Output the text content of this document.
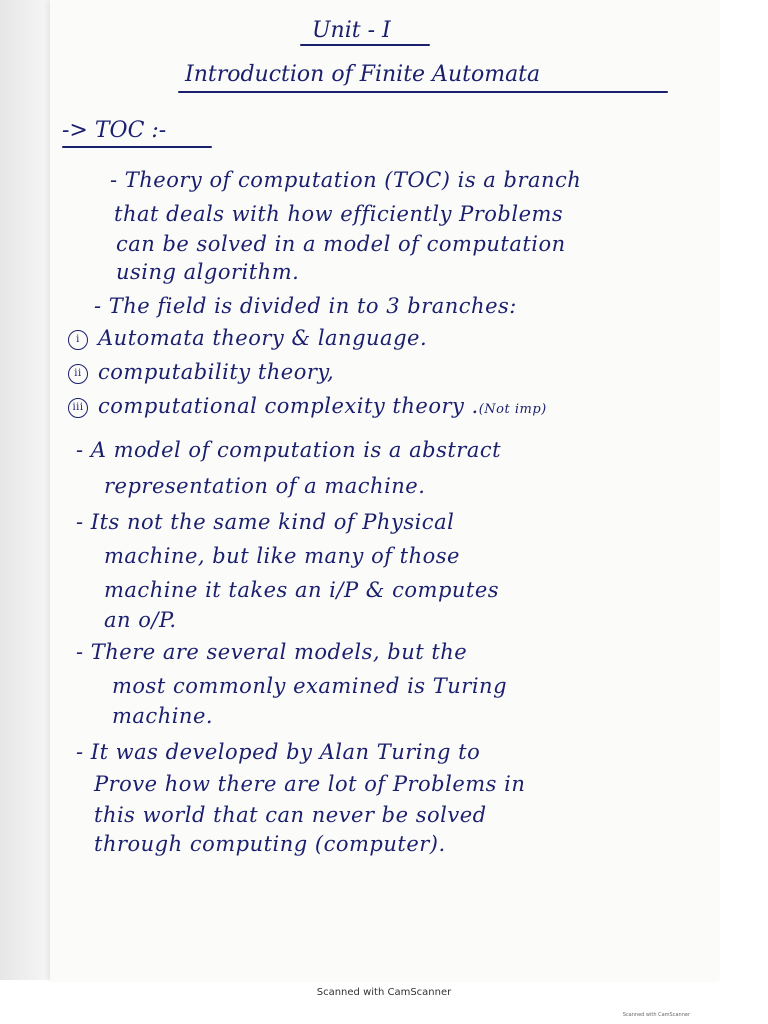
Unit - I
Introduction of Finite Automata
-> TOC :-
- Theory of computation (TOC) is a branch
that deals with how efficiently Problems
can be solved in a model of computation
using algorithm.
- The field is divided in to 3 branches:
i Automata theory & language.
ii computability theory,
iii computational complexity theory .(Not imp)
- A model of computation is a abstract
representation of a machine.
- Its not the same kind of Physical
machine, but like many of those
machine it takes an i/P & computes
an o/P.
- There are several models, but the
most commonly examined is Turing
machine.
- It was developed by Alan Turing to
Prove how there are lot of Problems in
this world that can never be solved
through computing (computer).
Scanned with CamScanner
Scanned with CamScanner
